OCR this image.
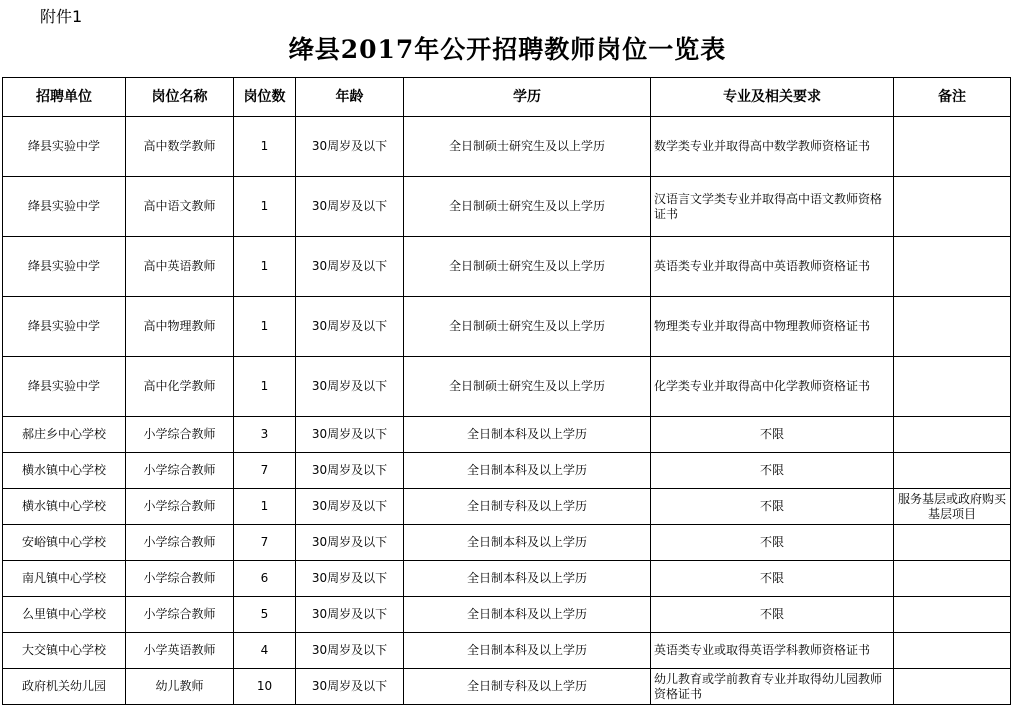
附件1
绛县2017年公开招聘教师岗位一览表
招聘单位	岗位名称	岗位数	年龄	学历	专业及相关要求	备注
绛县实验中学	高中数学教师	1	30周岁及以下	全日制硕士研究生及以上学历	数学类专业并取得高中数学教师资格证书	
绛县实验中学	高中语文教师	1	30周岁及以下	全日制硕士研究生及以上学历	汉语言文学类专业并取得高中语文教师资格证书	
绛县实验中学	高中英语教师	1	30周岁及以下	全日制硕士研究生及以上学历	英语类专业并取得高中英语教师资格证书	
绛县实验中学	高中物理教师	1	30周岁及以下	全日制硕士研究生及以上学历	物理类专业并取得高中物理教师资格证书	
绛县实验中学	高中化学教师	1	30周岁及以下	全日制硕士研究生及以上学历	化学类专业并取得高中化学教师资格证书	
郝庄乡中心学校	小学综合教师	3	30周岁及以下	全日制本科及以上学历	不限	
横水镇中心学校	小学综合教师	7	30周岁及以下	全日制本科及以上学历	不限	
横水镇中心学校	小学综合教师	1	30周岁及以下	全日制专科及以上学历	不限	服务基层或政府购买基层项目
安峪镇中心学校	小学综合教师	7	30周岁及以下	全日制本科及以上学历	不限	
南凡镇中心学校	小学综合教师	6	30周岁及以下	全日制本科及以上学历	不限	
么里镇中心学校	小学综合教师	5	30周岁及以下	全日制本科及以上学历	不限	
大交镇中心学校	小学英语教师	4	30周岁及以下	全日制本科及以上学历	英语类专业或取得英语学科教师资格证书	
政府机关幼儿园	幼儿教师	10	30周岁及以下	全日制专科及以上学历	幼儿教育或学前教育专业并取得幼儿园教师资格证书	
